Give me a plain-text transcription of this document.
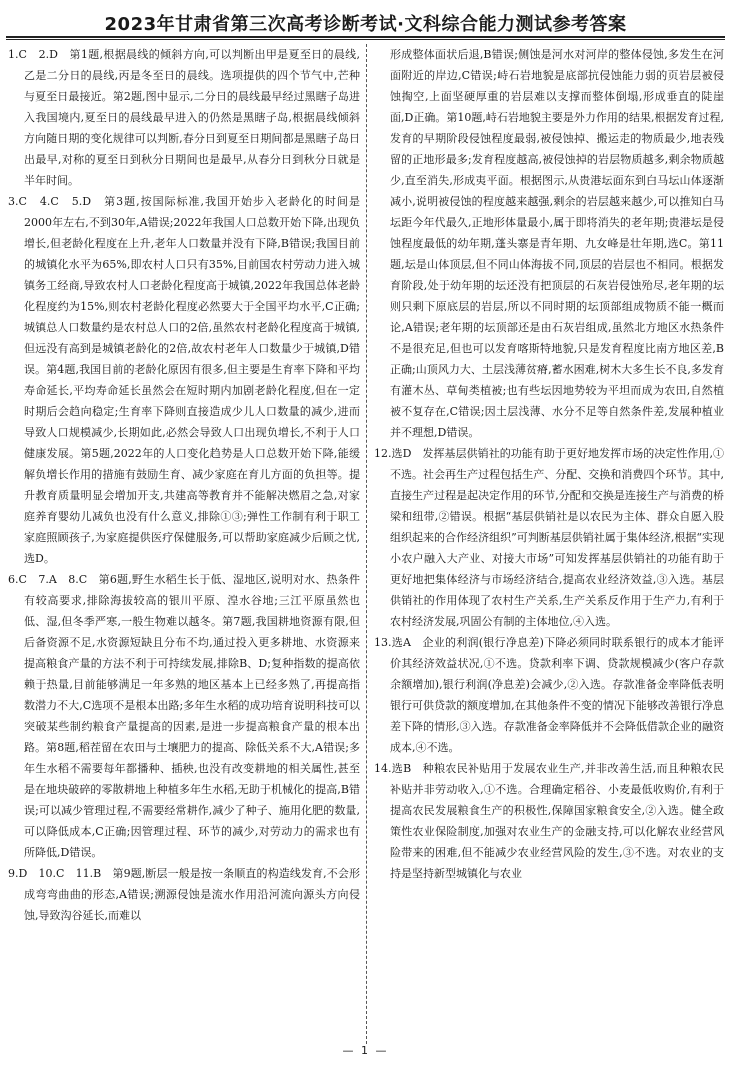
2023年甘肃省第三次高考诊断考试·文科综合能力测试参考答案

1.C　2.D　第1题,根据晨线的倾斜方向,可以判断出甲是夏至日的晨线,乙是二分日的晨线,丙是冬至日的晨线。选项提供的四个节气中,芒种与夏至日最接近。第2题,图中显示,二分日的晨线最早经过黑瞎子岛进入我国境内,夏至日的晨线最早进入的仍然是黑瞎子岛,根据晨线倾斜方向随日期的变化规律可以判断,春分日到夏至日期间都是黑瞎子岛日出最早,对称的夏至日到秋分日期间也是最早,从春分日到秋分日就是半年时间。

3.C　4.C　5.D　第3题,按国际标准,我国开始步入老龄化的时间是2000年左右,不到30年,A错误;2022年我国人口总数开始下降,出现负增长,但老龄化程度在上升,老年人口数量并没有下降,B错误;我国目前的城镇化水平为65%,即农村人口只有35%,目前国农村劳动力进入城镇务工经商,导致农村人口老龄化程度高于城镇,2022年我国总体老龄化程度约为15%,则农村老龄化程度必然要大于全国平均水平,C正确;城镇总人口数量约是农村总人口的2倍,虽然农村老龄化程度高于城镇,但远没有高到是城镇老龄化的2倍,故农村老年人口数量少于城镇,D错误。第4题,我国目前的老龄化原因有很多,但主要是生育率下降和平均寿命延长,平均寿命延长虽然会在短时期内加剧老龄化程度,但在一定时期后会趋向稳定;生育率下降则直接造成少儿人口数量的减少,进而导致人口规模减少,长期如此,必然会导致人口出现负增长,不利于人口健康发展。第5题,2022年的人口变化趋势是人口总数开始下降,能缓解负增长作用的措施有鼓励生育、减少家庭在育儿方面的负担等。提升教育质量明显会增加开支,共建高等教育并不能解决燃眉之急,对家庭养育婴幼儿减负也没有什么意义,排除①③;弹性工作制有利于职工家庭照顾孩子,为家庭提供医疗保健服务,可以帮助家庭减少后顾之忧,选D。

6.C　7.A　8.C　第6题,野生水稻生长于低、湿地区,说明对水、热条件有较高要求,排除海拔较高的银川平原、湟水谷地;三江平原虽然也低、湿,但冬季严寒,一般生物难以越冬。第7题,我国耕地资源有限,但后备资源不足,水资源短缺且分布不均,通过投入更多耕地、水资源来提高粮食产量的方法不利于可持续发展,排除B、D;复种指数的提高依赖于热量,目前能够满足一年多熟的地区基本上已经多熟了,再提高指数潜力不大,C选项不是根本出路;多年生水稻的成功培育说明科技可以突破某些制约粮食产量提高的因素,是进一步提高粮食产量的根本出路。第8题,稻茬留在农田与土壤肥力的提高、除低关系不大,A错误;多年生水稻不需要每年都播种、插秧,也没有改变耕地的相关属性,甚至是在地块破碎的零散耕地上种植多年生水稻,无助于机械化的提高,B错误;可以减少管理过程,不需要经常耕作,减少了种子、施用化肥的数量,可以降低成本,C正确;因管理过程、环节的减少,对劳动力的需求也有所降低,D错误。

9.D　10.C　11.B　第9题,断层一般是按一条顺直的构造线发育,不会形成弯弯曲曲的形态,A错误;溯源侵蚀是流水作用沿河流向源头方向侵蚀,导致沟谷延长,而难以

形成整体面状后退,B错误;侧蚀是河水对河岸的整体侵蚀,多发生在河面附近的岸边,C错误;峙石岩地貌是底部抗侵蚀能力弱的页岩层被侵蚀掏空,上面坚硬厚重的岩层难以支撑而整体倒塌,形成垂直的陡崖面,D正确。第10题,峙石岩地貌主要是外力作用的结果,根据发育过程,发育的早期阶段侵蚀程度最弱,被侵蚀掉、搬运走的物质最少,地表残留的正地形最多;发育程度越高,被侵蚀掉的岩层物质越多,剩余物质越少,直至消失,形成夷平面。根据图示,从贵港坛面东到白马坛山体逐渐减小,说明被侵蚀的程度越来越强,剩余的岩层越来越少,可以推知白马坛距今年代最久,正地形体量最小,属于即将消失的老年期;贵港坛是侵蚀程度最低的幼年期,蓬头寨是青年期、九女峰是壮年期,选C。第11题,坛是山体顶层,但不同山体海拔不同,顶层的岩层也不相同。根据发育阶段,处于幼年期的坛还没有把顶层的石灰岩侵蚀殆尽,老年期的坛则只剩下原底层的岩层,所以不同时期的坛顶部组成物质不能一概而论,A错误;老年期的坛顶部还是由石灰岩组成,虽然北方地区水热条件不是很充足,但也可以发育喀斯特地貌,只是发育程度比南方地区差,B正确;山顶风力大、土层浅薄贫瘠,蓄水困难,树木大多生长不良,多发育有灌木丛、草甸类植被;也有些坛因地势较为平坦而成为农田,自然植被不复存在,C错误;因土层浅薄、水分不足等自然条件差,发展种植业并不理想,D错误。

12.选D　发挥基层供销社的功能有助于更好地发挥市场的决定性作用,①不选。社会再生产过程包括生产、分配、交换和消费四个环节。其中,直接生产过程是起决定作用的环节,分配和交换是连接生产与消费的桥梁和纽带,②错误。根据“基层供销社是以农民为主体、群众自愿入股组织起来的合作经济组织”可判断基层供销社属于集体经济,根据“实现小农户融入大产业、对接大市场”可知发挥基层供销社的功能有助于更好地把集体经济与市场经济结合,提高农业经济效益,③入选。基层供销社的作用体现了农村生产关系,生产关系反作用于生产力,有利于农村经济发展,巩固公有制的主体地位,④入选。

13.选A　企业的利润(银行净息差)下降必须同时联系银行的成本才能评价其经济效益状况,①不选。贷款利率下调、贷款规模减少(客户存款余额增加),银行利润(净息差)会减少,②入选。存款准备金率降低表明银行可供贷款的额度增加,在其他条件不变的情况下能够改善银行净息差下降的情形,③入选。存款准备金率降低并不会降低借款企业的融资成本,④不选。

14.选B　种粮农民补贴用于发展农业生产,并非改善生活,而且种粮农民补贴并非劳动收入,①不选。合理确定稻谷、小麦最低收购价,有利于提高农民发展粮食生产的积极性,保障国家粮食安全,②入选。健全政策性农业保险制度,加强对农业生产的金融支持,可以化解农业经营风险带来的困难,但不能减少农业经营风险的发生,③不选。对农业的支持是坚持新型城镇化与农业

— 1 —
